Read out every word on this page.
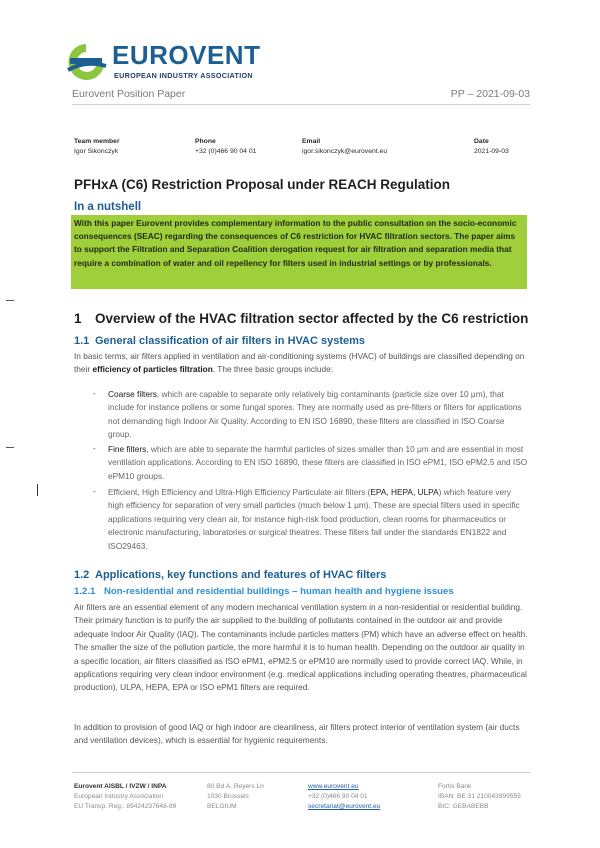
EUROVENT
EUROPEAN INDUSTRY ASSOCIATION
Eurovent Position Paper	PP – 2021-09-03
Team member
Igor Sikonczyk
Phone
+32 (0)466 90 04 01
Email
igor.sikonczyk@eurovent.eu
Date
2021-09-03
PFHxA (C6) Restriction Proposal under REACH Regulation
In a nutshell

With this paper Eurovent provides complementary information to the public consultation on the socio-economic consequences (SEAC) regarding the consequences of C6 restriction for HVAC filtration sectors. The paper aims to support the Filtration and Separation Coalition derogation request for air filtration and separation media that require a combination of water and oil repellency for filters used in industrial settings or by professionals.

1 Overview of the HVAC filtration sector affected by the C6 restriction
1.1 General classification of air filters in HVAC systems
In basic terms, air filters applied in ventilation and air-conditioning systems (HVAC) of buildings are classified depending on their efficiency of particles filtration. The three basic groups include:
-	Coarse filters, which are capable to separate only relatively big contaminants (particle size over 10 μm), that include for instance pollens or some fungal spores. They are normally used as pre-filters or filters for applications not demanding high Indoor Air Quality. According to EN ISO 16890, these filters are classified in ISO Coarse group.
-	Fine filters, which are able to separate the harmful particles of sizes smaller than 10 μm and are essential in most ventilation applications. According to EN ISO 16890, these filters are classified in ISO ePM1, ISO ePM2.5 and ISO ePM10 groups.
-	Efficient, High Efficiency and Ultra-High Efficiency Particulate air filters (EPA, HEPA, ULPA) which feature very high efficiency for separation of very small particles (much below 1 μm). These are special filters used in specific applications requiring very clean air, for instance high-risk food production, clean rooms for pharmaceutics or electronic manufacturing, laboratories or surgical theatres. These filters fall under the standards EN1822 and ISO29463.
1.2 Applications, key functions and features of HVAC filters
1.2.1 Non-residential and residential buildings – human health and hygiene issues
Air filters are an essential element of any modern mechanical ventilation system in a non-residential or residential building. Their primary function is to purify the air supplied to the building of pollutants contained in the outdoor air and provide adequate Indoor Air Quality (IAQ). The contaminants include particles matters (PM) which have an adverse effect on health. The smaller the size of the pollution particle, the more harmful it is to human health. Depending on the outdoor air quality in a specific location, air filters classified as ISO ePM1, ePM2.5 or ePM10 are normally used to provide correct IAQ. While, in applications requiring very clean indoor environment (e.g. medical applications including operating theatres, pharmaceutical production), ULPA, HEPA, EPA or ISO ePM1 filters are required.
In addition to provision of good IAQ or high indoor are cleanliness, air filters protect interior of ventilation system (air ducts and ventilation devices), which is essential for hygienic requirements.
Eurovent AISBL / IVZW / INPA
European Industry Association
EU Transp. Reg.: 89424237648-89
80 Bd A. Reyers Ln
1030 Brussels
BELGIUM
www.eurovent.eu
+32 (0)466 90 04 01
secretariat@eurovent.eu
Fortis Bank
IBAN: BE 31 210043999555
BIC: GEBABEBB
